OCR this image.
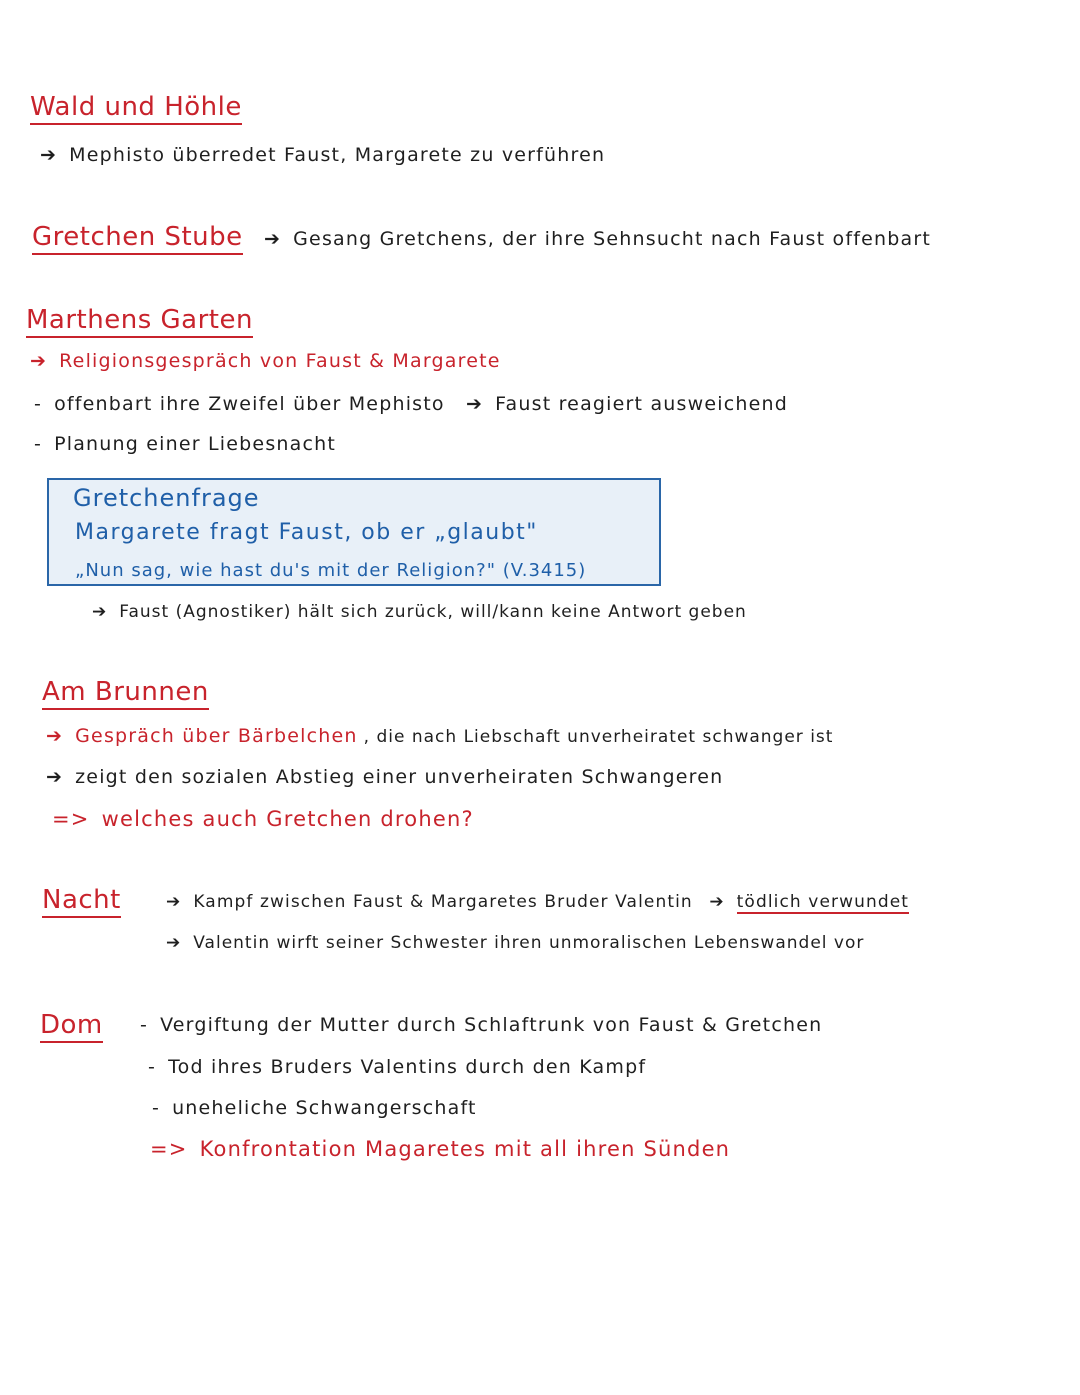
Wald und Höhle
➔ Mephisto überredet Faust, Margarete zu verführen
Gretchen Stube ➔ Gesang Gretchens, der ihre Sehnsucht nach Faust offenbart
Marthens Garten
➔ Religionsgespräch von Faust & Margarete
- offenbart ihre Zweifel über Mephisto ➔ Faust reagiert ausweichend
- Planung einer Liebesnacht
Gretchenfrage
Margarete fragt Faust, ob er „glaubt"
„Nun sag, wie hast du's mit der Religion?" (V.3415)
➔ Faust (Agnostiker) hält sich zurück, will/kann keine Antwort geben
Am Brunnen
➔ Gespräch über Bärbelchen , die nach Liebschaft unverheiratet schwanger ist
➔ zeigt den sozialen Abstieg einer unverheiraten Schwangeren
=> welches auch Gretchen drohen?
Nacht	➔ Kampf zwischen Faust & Margaretes Bruder Valentin ➔ tödlich verwundet
➔ Valentin wirft seiner Schwester ihren unmoralischen Lebenswandel vor
Dom - Vergiftung der Mutter durch Schlaftrunk von Faust & Gretchen
- Tod ihres Bruders Valentins durch den Kampf
- uneheliche Schwangerschaft
=> Konfrontation Magaretes mit all ihren Sünden
